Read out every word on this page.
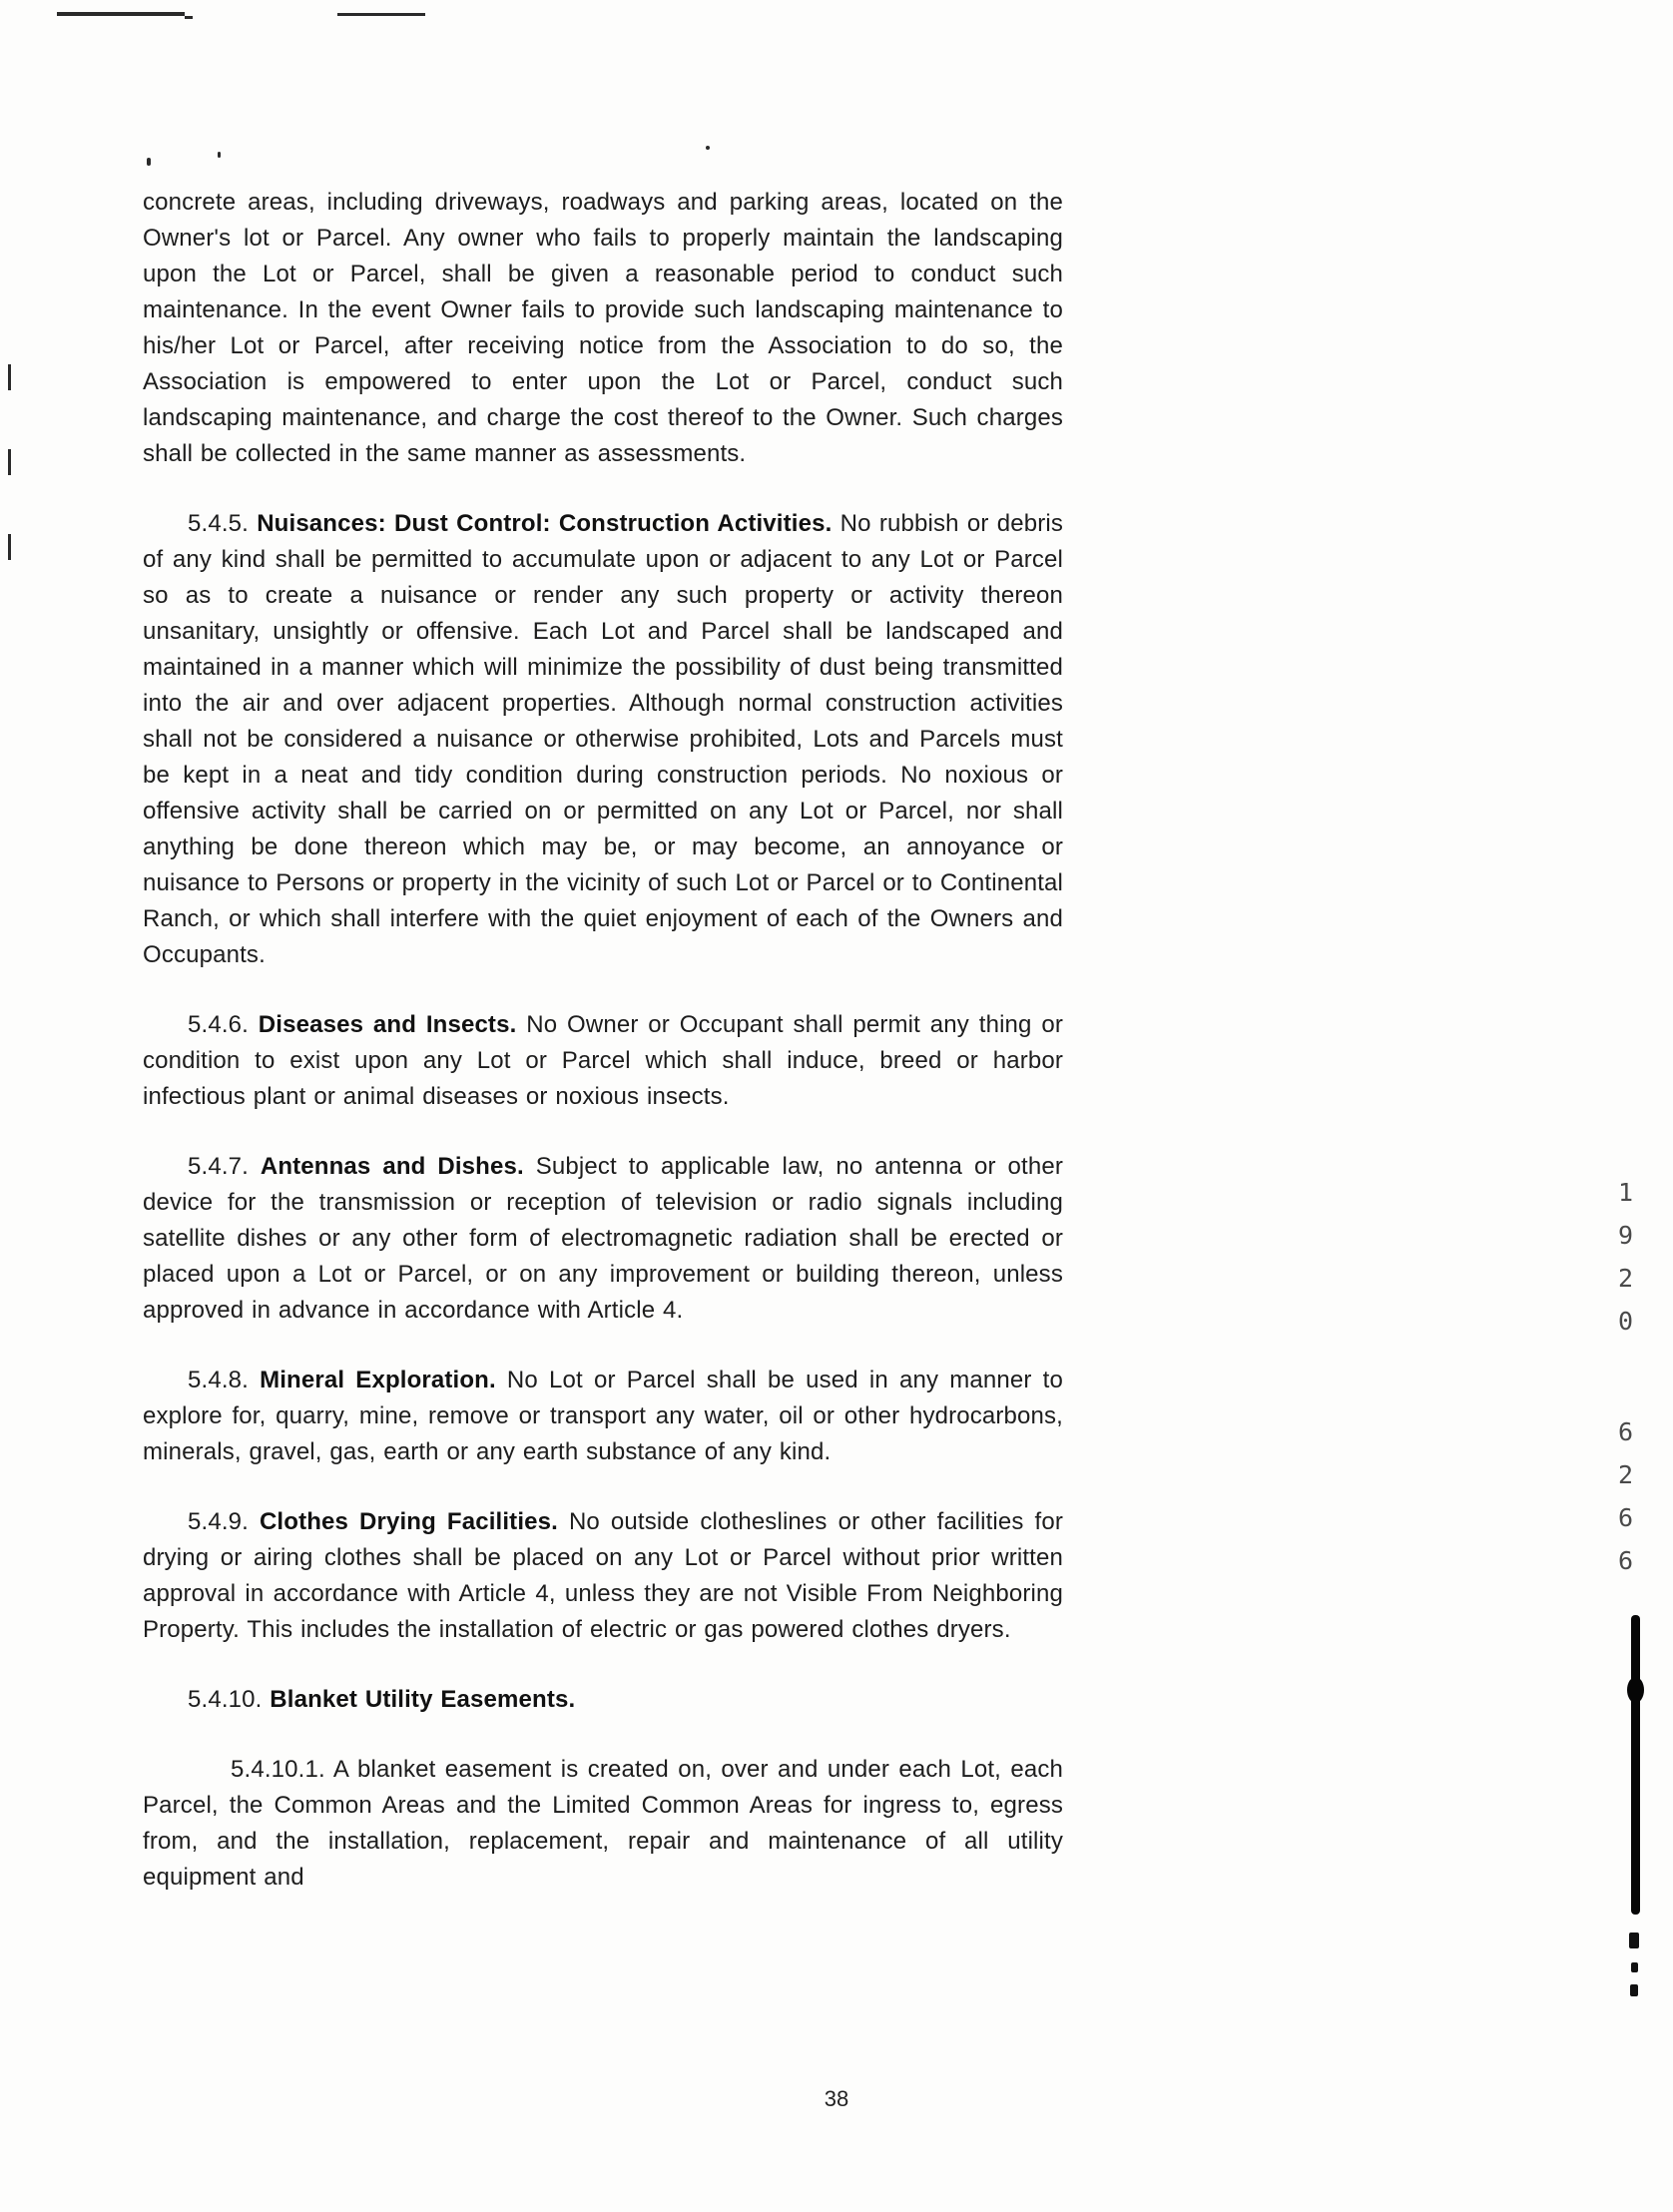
concrete areas, including driveways, roadways and parking areas, located on the Owner's lot or Parcel. Any owner who fails to properly maintain the landscaping upon the Lot or Parcel, shall be given a reasonable period to conduct such maintenance. In the event Owner fails to provide such landscaping maintenance to his/her Lot or Parcel, after receiving notice from the Association to do so, the Association is empowered to enter upon the Lot or Parcel, conduct such landscaping maintenance, and charge the cost thereof to the Owner. Such charges shall be collected in the same manner as assessments.

5.4.5. Nuisances: Dust Control: Construction Activities. No rubbish or debris of any kind shall be permitted to accumulate upon or adjacent to any Lot or Parcel so as to create a nuisance or render any such property or activity thereon unsanitary, unsightly or offensive. Each Lot and Parcel shall be landscaped and maintained in a manner which will minimize the possibility of dust being transmitted into the air and over adjacent properties. Although normal construction activities shall not be considered a nuisance or otherwise prohibited, Lots and Parcels must be kept in a neat and tidy condition during construction periods. No noxious or offensive activity shall be carried on or permitted on any Lot or Parcel, nor shall anything be done thereon which may be, or may become, an annoyance or nuisance to Persons or property in the vicinity of such Lot or Parcel or to Continental Ranch, or which shall interfere with the quiet enjoyment of each of the Owners and Occupants.

5.4.6. Diseases and Insects. No Owner or Occupant shall permit any thing or condition to exist upon any Lot or Parcel which shall induce, breed or harbor infectious plant or animal diseases or noxious insects.

5.4.7. Antennas and Dishes. Subject to applicable law, no antenna or other device for the transmission or reception of television or radio signals including satellite dishes or any other form of electromagnetic radiation shall be erected or placed upon a Lot or Parcel, or on any improvement or building thereon, unless approved in advance in accordance with Article 4.

5.4.8. Mineral Exploration. No Lot or Parcel shall be used in any manner to explore for, quarry, mine, remove or transport any water, oil or other hydrocarbons, minerals, gravel, gas, earth or any earth substance of any kind.

5.4.9. Clothes Drying Facilities. No outside clotheslines or other facilities for drying or airing clothes shall be placed on any Lot or Parcel without prior written approval in accordance with Article 4, unless they are not Visible From Neighboring Property. This includes the installation of electric or gas powered clothes dryers.

5.4.10. Blanket Utility Easements.

5.4.10.1. A blanket easement is created on, over and under each Lot, each Parcel, the Common Areas and the Limited Common Areas for ingress to, egress from, and the installation, replacement, repair and maintenance of all utility equipment and

1920
6266
38
